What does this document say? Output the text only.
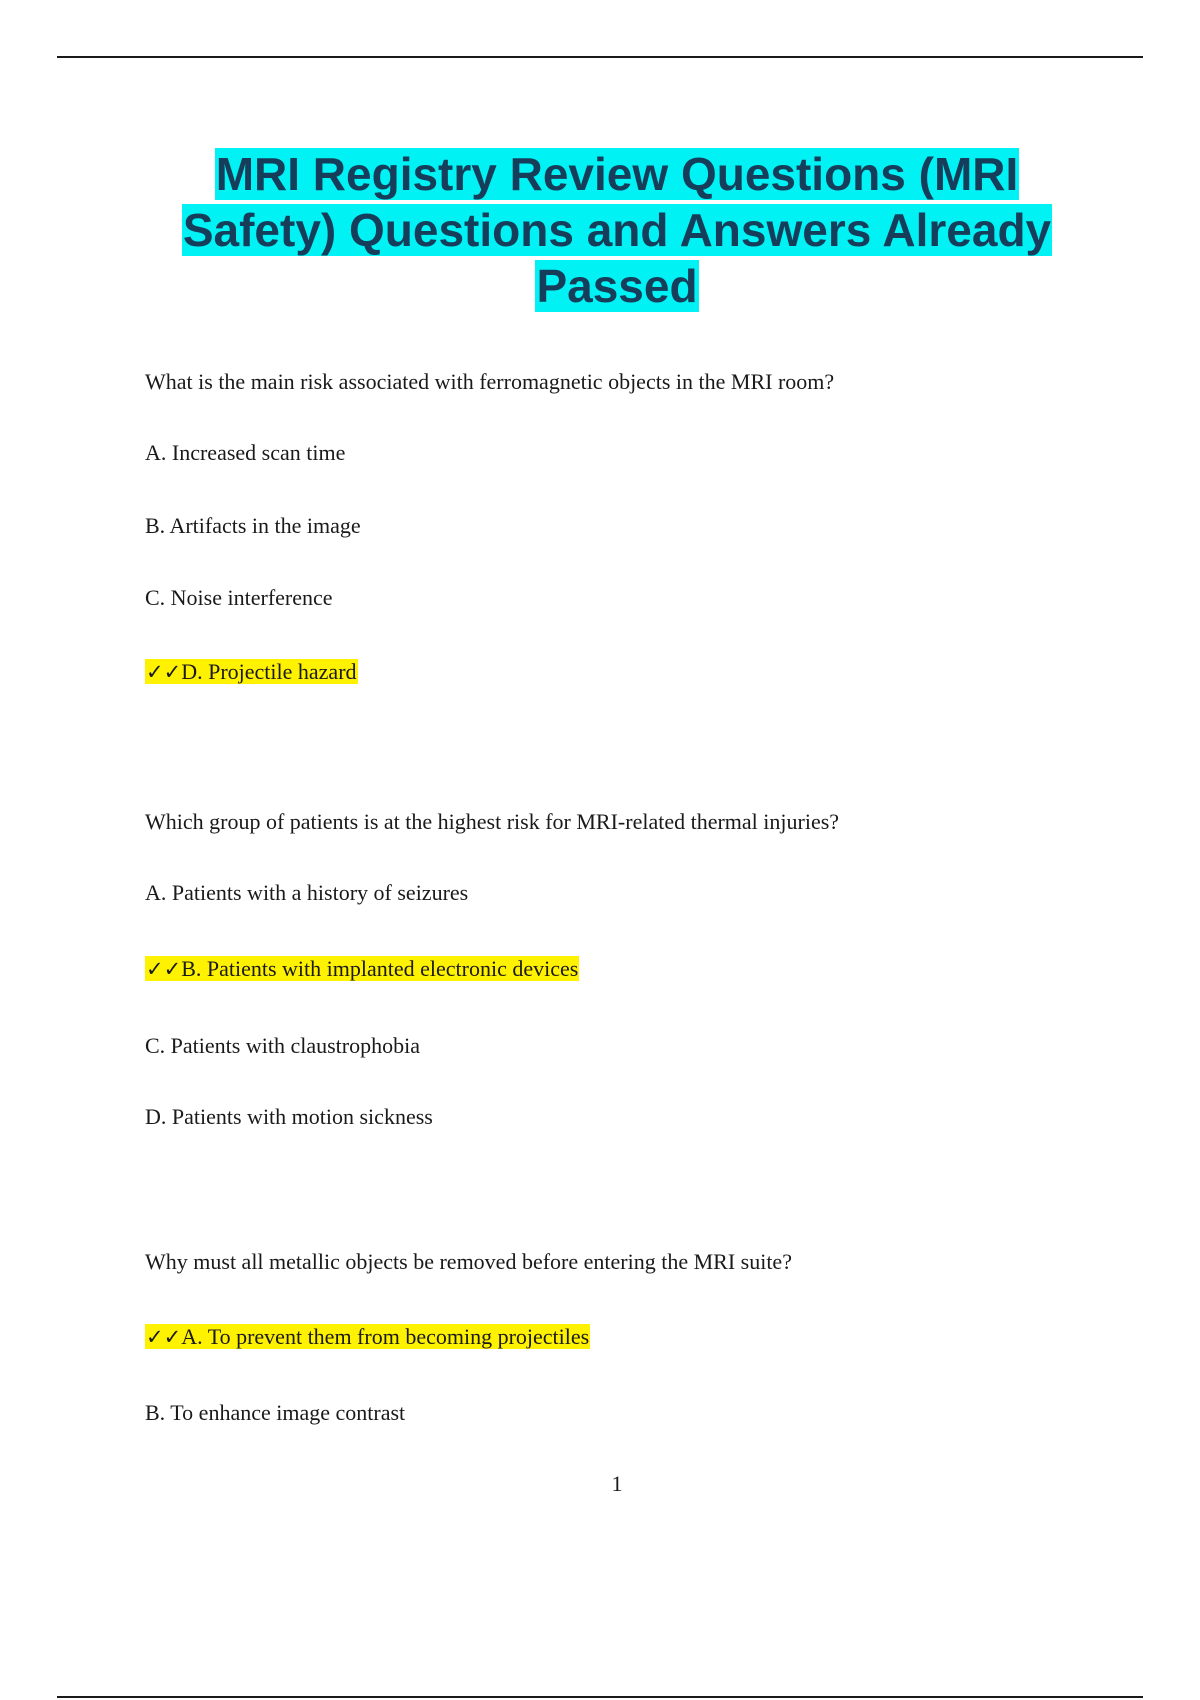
MRI Registry Review Questions (MRI
Safety) Questions and Answers Already
Passed
What is the main risk associated with ferromagnetic objects in the MRI room?
A. Increased scan time
B. Artifacts in the image
C. Noise interference
✓✓D. Projectile hazard
Which group of patients is at the highest risk for MRI-related thermal injuries?
A. Patients with a history of seizures
✓✓B. Patients with implanted electronic devices
C. Patients with claustrophobia
D. Patients with motion sickness
Why must all metallic objects be removed before entering the MRI suite?
✓✓A. To prevent them from becoming projectiles
B. To enhance image contrast
1
